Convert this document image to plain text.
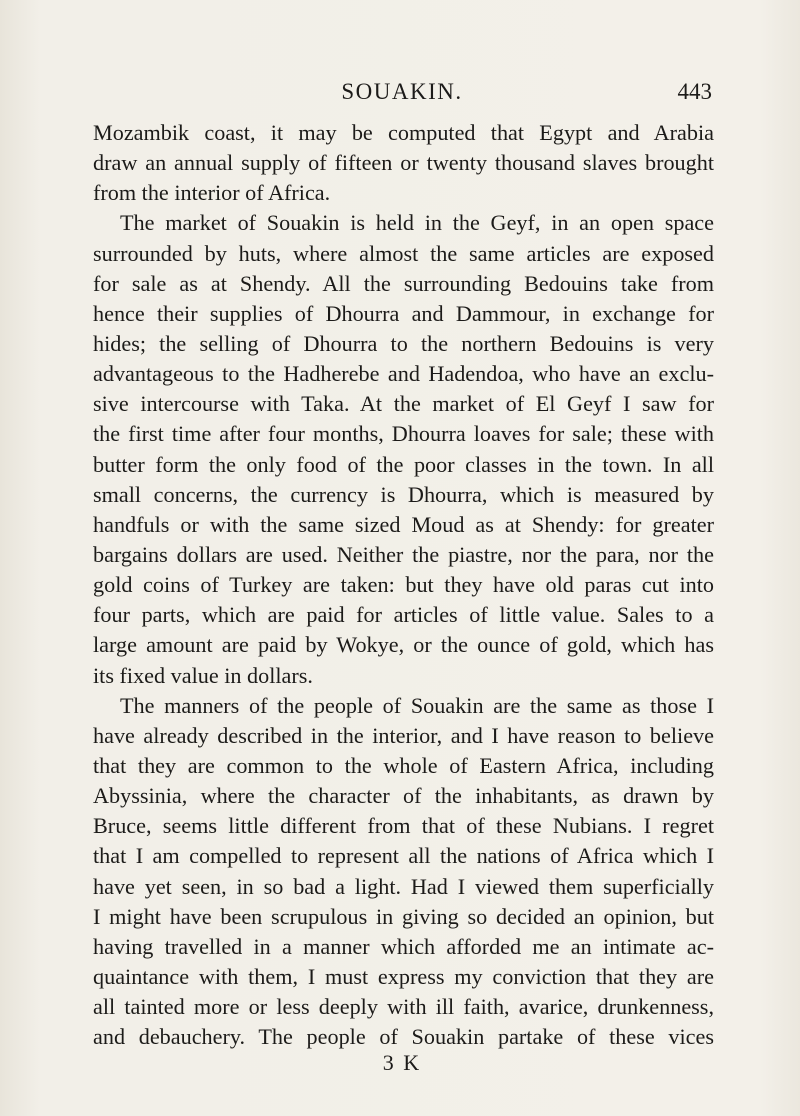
SOUAKIN.	443
Mozambik coast, it may be computed that Egypt and Arabia
draw an annual supply of fifteen or twenty thousand slaves brought
from the interior of Africa.
The market of Souakin is held in the Geyf, in an open space
surrounded by huts, where almost the same articles are exposed
for sale as at Shendy. All the surrounding Bedouins take from
hence their supplies of Dhourra and Dammour, in exchange for
hides; the selling of Dhourra to the northern Bedouins is very
advantageous to the Hadherebe and Hadendoa, who have an exclu-
sive intercourse with Taka. At the market of El Geyf I saw for
the first time after four months, Dhourra loaves for sale; these with
butter form the only food of the poor classes in the town. In all
small concerns, the currency is Dhourra, which is measured by
handfuls or with the same sized Moud as at Shendy: for greater
bargains dollars are used. Neither the piastre, nor the para, nor the
gold coins of Turkey are taken: but they have old paras cut into
four parts, which are paid for articles of little value. Sales to a
large amount are paid by Wokye, or the ounce of gold, which has
its fixed value in dollars.
The manners of the people of Souakin are the same as those I
have already described in the interior, and I have reason to believe
that they are common to the whole of Eastern Africa, including
Abyssinia, where the character of the inhabitants, as drawn by
Bruce, seems little different from that of these Nubians. I regret
that I am compelled to represent all the nations of Africa which I
have yet seen, in so bad a light. Had I viewed them superficially
I might have been scrupulous in giving so decided an opinion, but
having travelled in a manner which afforded me an intimate ac-
quaintance with them, I must express my conviction that they are
all tainted more or less deeply with ill faith, avarice, drunkenness,
and debauchery. The people of Souakin partake of these vices
3 K
